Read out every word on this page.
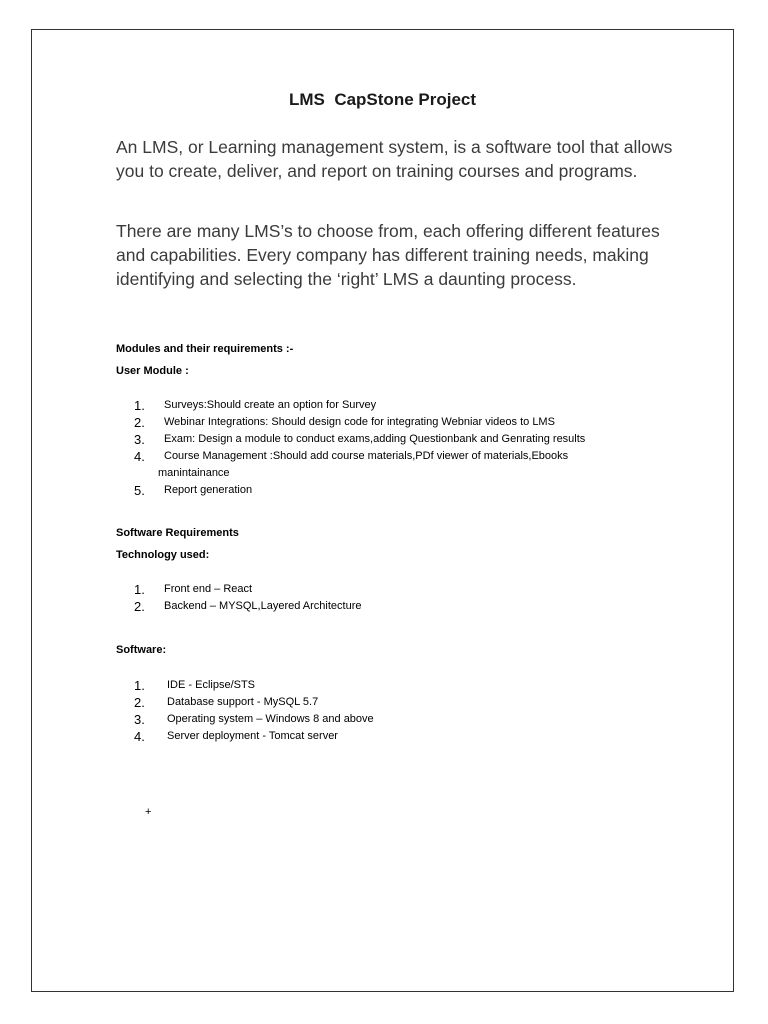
LMS  CapStone Project

An LMS, or Learning management system, is a software tool that allows you to create, deliver, and report on training courses and programs.

There are many LMS’s to choose from, each offering different features and capabilities. Every company has different training needs, making identifying and selecting the ‘right’ LMS a daunting process.

Modules and their requirements :-
User Module :
1. Surveys:Should create an option for Survey
2. Webinar Integrations: Should design code for integrating Webniar videos to LMS
3. Exam: Design a module to conduct exams,adding Questionbank and Genrating results
4. Course Management :Should add course materials,PDf viewer of materials,Ebooks
manintainance
5. Report generation
Software Requirements
Technology used:
1. Front end – React
2. Backend – MYSQL,Layered Architecture
Software:
1. IDE - Eclipse/STS
2. Database support - MySQL 5.7
3. Operating system – Windows 8 and above
4. Server deployment - Tomcat server
+
